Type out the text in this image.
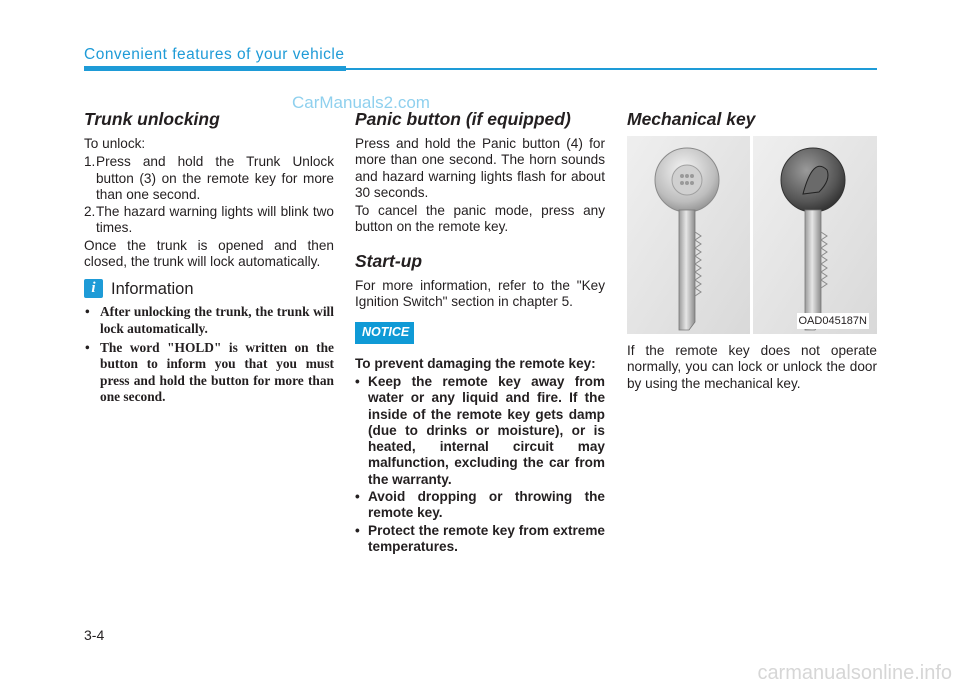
Convenient features of your vehicle
CarManuals2.com
Trunk unlocking
To unlock:
1. Press and hold the Trunk Unlock button (3) on the remote key for more than one second.
2. The hazard warning lights will blink two times.
Once the trunk is opened and then closed, the trunk will lock automatically.
i Information
• After unlocking the trunk, the trunk will lock automatically.
• The word "HOLD" is written on the button to inform you that you must press and hold the button for more than one second.
Panic button (if equipped)
Press and hold the Panic button (4) for more than one second. The horn sounds and hazard warning lights flash for about 30 seconds.
To cancel the panic mode, press any button on the remote key.
Start-up
For more information, refer to the "Key Ignition Switch" section in chapter 5.
NOTICE
To prevent damaging the remote key:
• Keep the remote key away from water or any liquid and fire. If the inside of the remote key gets damp (due to drinks or moisture), or is heated, internal circuit may malfunction, excluding the car from the warranty.
• Avoid dropping or throwing the remote key.
• Protect the remote key from extreme temperatures.
Mechanical key
OAD045187N
If the remote key does not operate normally, you can lock or unlock the door by using the mechanical key.
3-4
carmanualsonline.info
